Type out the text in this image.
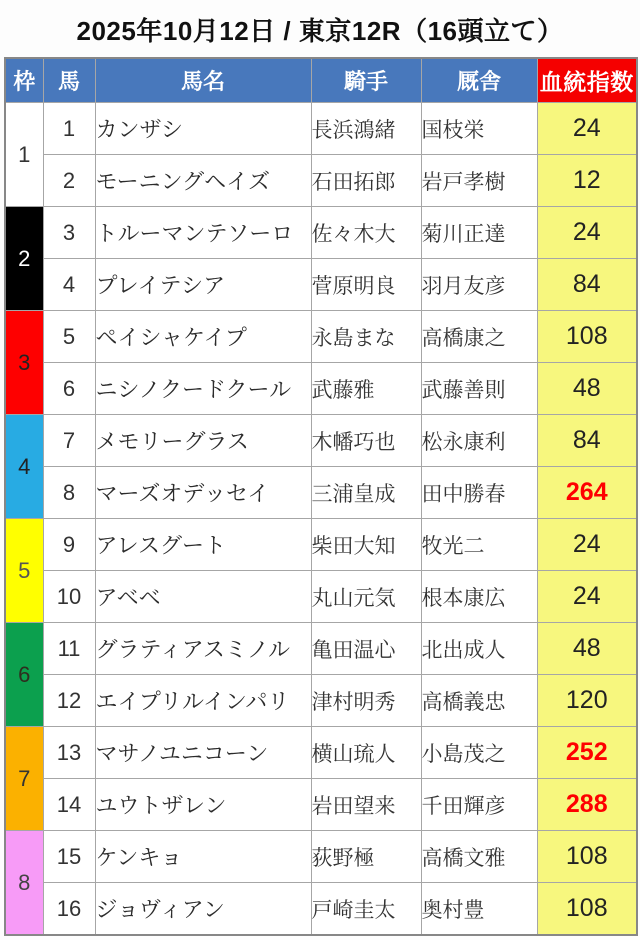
2025年10月12日 / 東京12R（16頭立て）
枠	馬	馬名	騎手	厩舎	血統指数
1	1	カンザシ	長浜鴻緒	国枝栄	24
	2	モーニングヘイズ	石田拓郎	岩戸孝樹	12
2	3	トルーマンテソーロ	佐々木大	菊川正達	24
	4	プレイテシア	菅原明良	羽月友彦	84
3	5	ペイシャケイプ	永島まな	高橋康之	108
	6	ニシノクードクール	武藤雅	武藤善則	48
4	7	メモリーグラス	木幡巧也	松永康利	84
	8	マーズオデッセイ	三浦皇成	田中勝春	264
5	9	アレスグート	柴田大知	牧光二	24
	10	アベベ	丸山元気	根本康広	24
6	11	グラティアスミノル	亀田温心	北出成人	48
	12	エイプリルインパリ	津村明秀	高橋義忠	120
7	13	マサノユニコーン	横山琉人	小島茂之	252
	14	ユウトザレン	岩田望来	千田輝彦	288
8	15	ケンキョ	荻野極	高橋文雅	108
	16	ジョヴィアン	戸崎圭太	奥村豊	108
